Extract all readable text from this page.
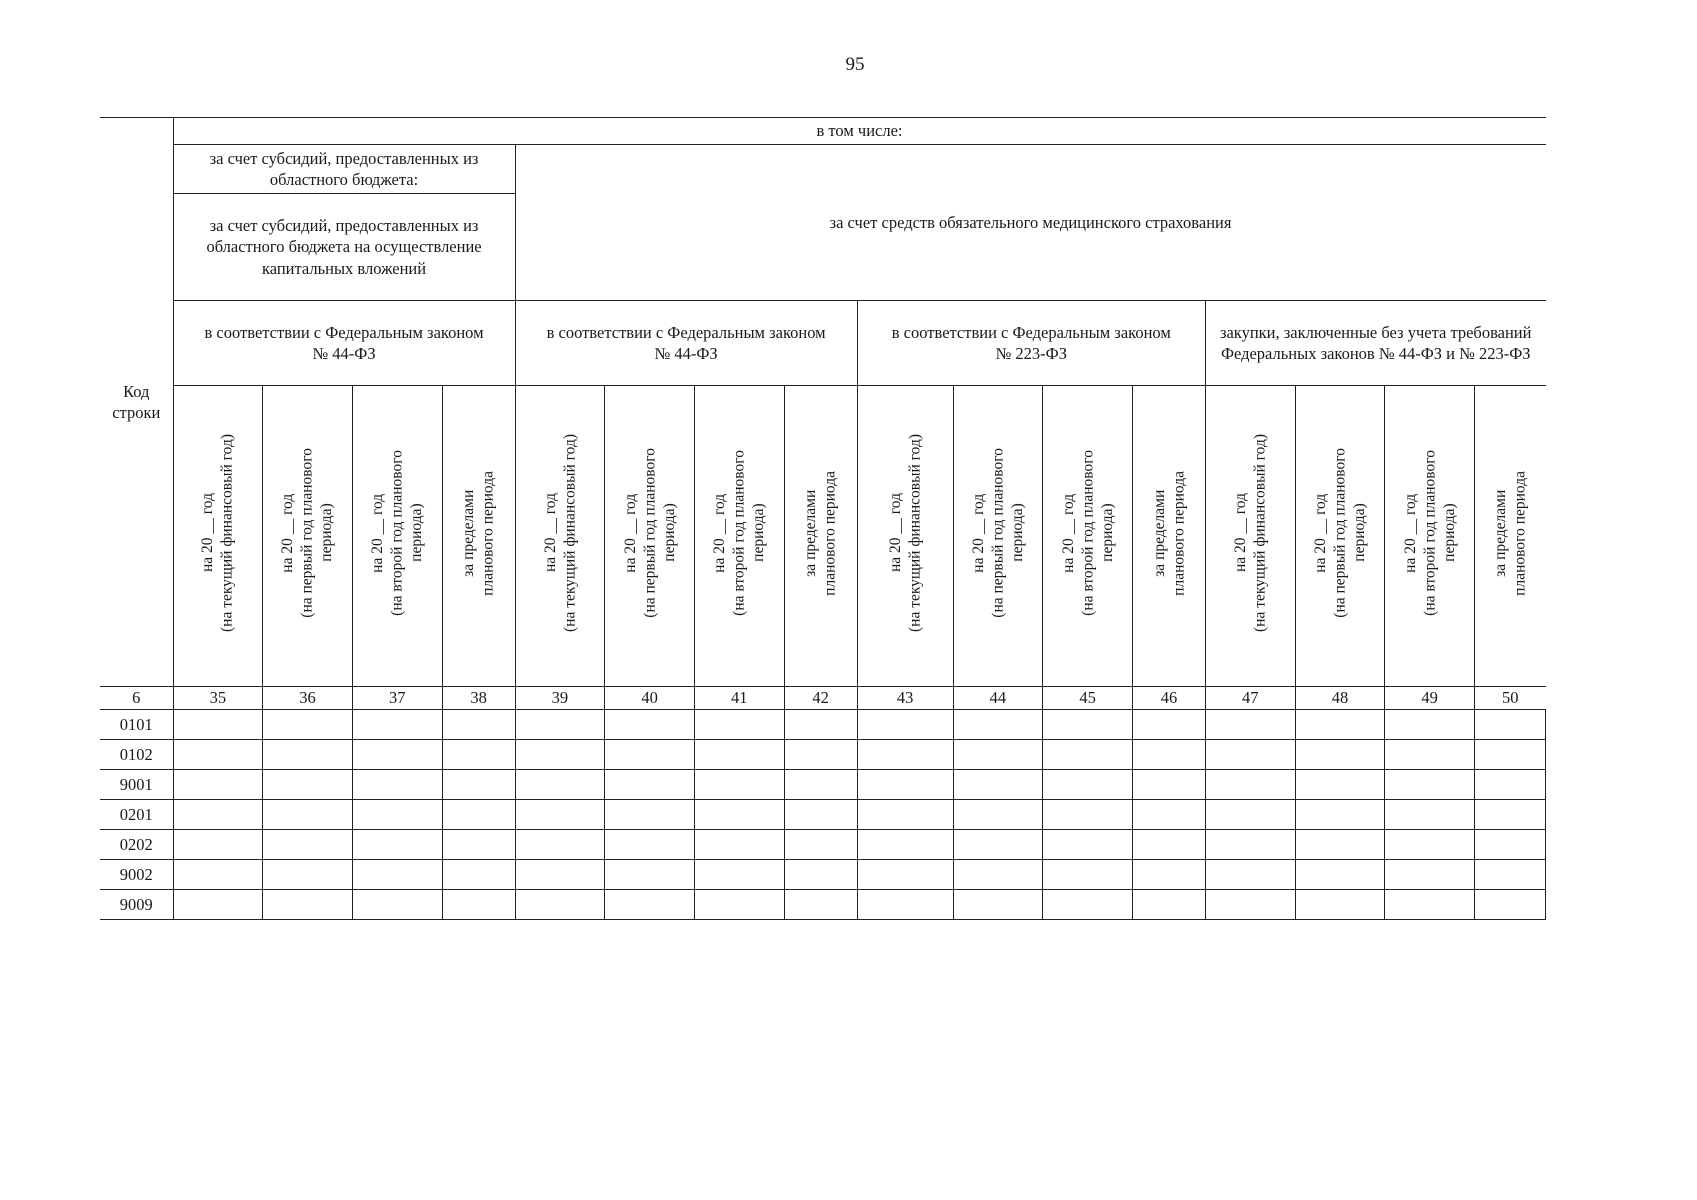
95
Код строки	в том числе:															

	за счет субсидий, предоставленных из областного бюджета:				за счет средств обязательного медицинского страхования											

	за счет субсидий, предоставленных из областного бюджета на осуществление капитальных вложений															

	в соответствии с Федеральным законом № 44-ФЗ				в соответствии с Федеральным законом № 44-ФЗ				в соответствии с Федеральным законом № 223-ФЗ				закупки, заключенные без учета требований Федеральных законов № 44-ФЗ и № 223-ФЗ			

	на 20 __ год (на текущий финансовый год)	на 20 __ год (на первый год планового периода)	на 20 __ год (на второй год планового периода)	за пределами планового периода	на 20 __ год (на текущий финансовый год)	на 20 __ год (на первый год планового периода)	на 20 __ год (на второй год планового периода)	за пределами планового периода	на 20 __ год (на текущий финансовый год)	на 20 __ год (на первый год планового периода)	на 20 __ год (на второй год планового периода)	за пределами планового периода	на 20 __ год (на текущий финансовый год)	на 20 __ год (на первый год планового периода)	на 20 __ год (на второй год планового периода)	за пределами планового периода

6	35	36	37	38	39	40	41	42	43	44	45	46	47	48	49	50
0101																
0102																
9001																
0201																
0202																
9002																
9009																
